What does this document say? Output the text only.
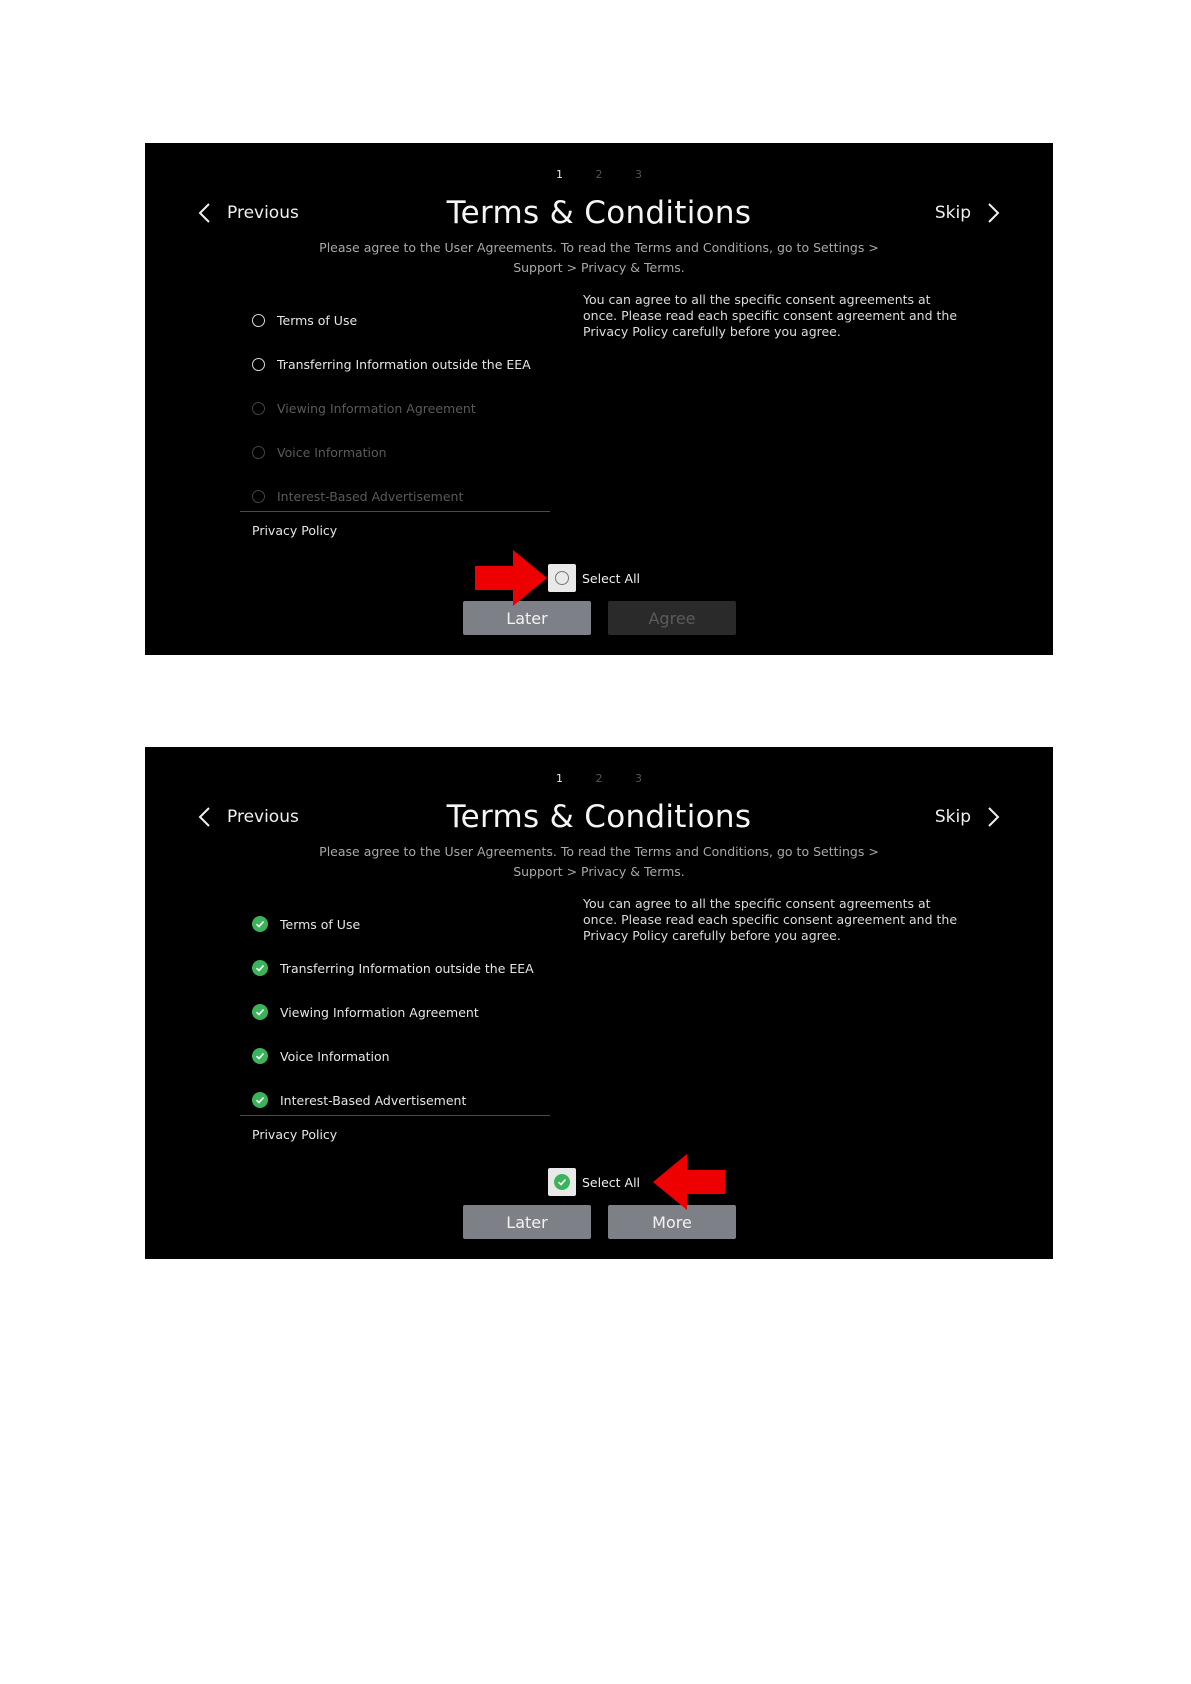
1	2	3
Previous	Terms & Conditions	Skip
Please agree to the User Agreements. To read the Terms and Conditions, go to Settings > Support > Privacy & Terms.
Terms of Use
Transferring Information outside the EEA
Viewing Information Agreement
Voice Information
Interest-Based Advertisement
Privacy Policy
You can agree to all the specific consent agreements at once. Please read each specific consent agreement and the Privacy Policy carefully before you agree.
Select All
Later	Agree
1	2	3
Previous	Terms & Conditions	Skip
Please agree to the User Agreements. To read the Terms and Conditions, go to Settings > Support > Privacy & Terms.
Terms of Use
Transferring Information outside the EEA
Viewing Information Agreement
Voice Information
Interest-Based Advertisement
Privacy Policy
You can agree to all the specific consent agreements at once. Please read each specific consent agreement and the Privacy Policy carefully before you agree.
Select All
Later	More
